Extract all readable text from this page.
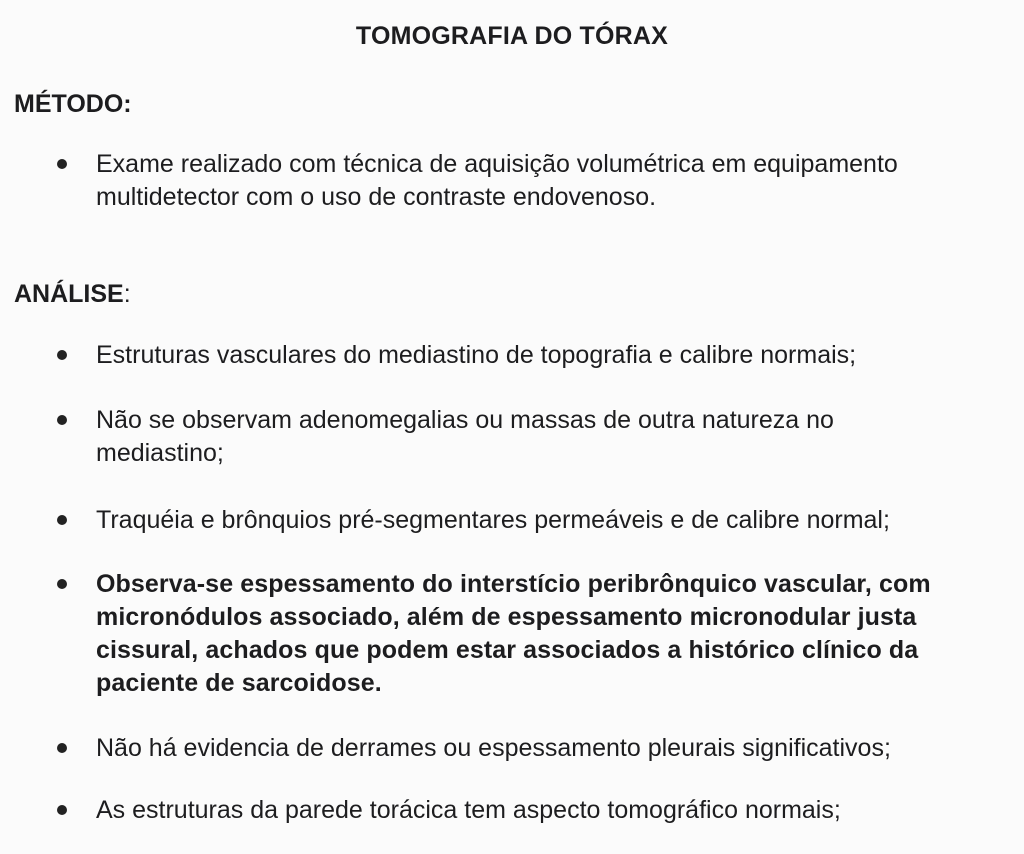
TOMOGRAFIA DO TÓRAX
MÉTODO:
Exame realizado com técnica de aquisição volumétrica em equipamento multidetector com o uso de contraste endovenoso.
ANÁLISE:
Estruturas vasculares do mediastino de topografia e calibre normais;
Não se observam adenomegalias ou massas de outra natureza no mediastino;
Traquéia e brônquios pré-segmentares permeáveis e de calibre normal;
Observa-se espessamento do interstício peribrônquico vascular, com micronódulos associado, além de espessamento micronodular justa cissural, achados que podem estar associados a histórico clínico da paciente de sarcoidose.
Não há evidencia de derrames ou espessamento pleurais significativos;
As estruturas da parede torácica tem aspecto tomográfico normais;
